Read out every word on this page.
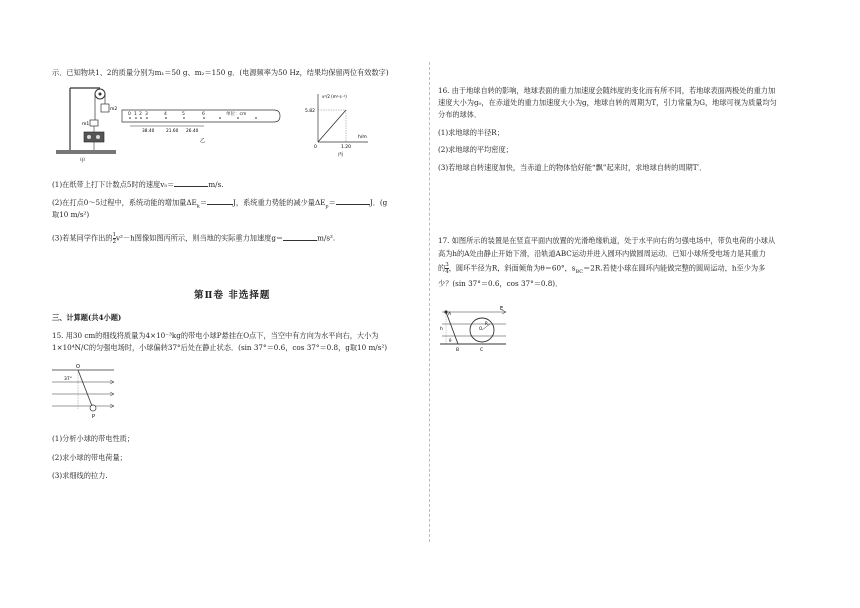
示．已知物块1、2的质量分别为m₁＝50 g、m₂＝150 g．(电源频率为50 Hz，结果均保留两位有效数字)
m2
m1
甲
0 1 2 3	4	5	6	单位：cm
38.40	21.60 26.40
乙
v²/2 (m²·s⁻²)
h/m
5.82
1.20
0
丙
(1)在纸带上打下计数点5时的速度v₅＝	m/s.
(2)在打点0～5过程中，系统动能的增加量$\Delta E_k=$	J，系统重力势能的减少量$\Delta E_p=$	J．(g
取10 m/s²)
(3)若某同学作出的 $\frac{1}{2} v^2-h$图像如图丙所示，则当地的实际重力加速度g＝	m/s².
第Ⅱ卷 非选择题
三、计算题(共4小题)
15. 用30 cm的细线将质量为4×10⁻³kg的带电小球P悬挂在O点下，当空中有方向为水平向右，大小为
1×10⁴N/C的匀强电场时，小球偏转37°后处在静止状态．(sin 37°＝0.6，cos 37°＝0.8，g取10 m/s²)
O
37°
P
(1)分析小球的带电性质；
(2)求小球的带电荷量；
(3)求细线的拉力.
16. 由于地球自转的影响，地球表面的重力加速度会随纬度的变化而有所不同，若地球表面两极处的重力加
速度大小为g₀，在赤道处的重力加速度大小为g，地球自转的周期为T，引力常量为G，地球可视为质量均匀
分布的球体．
(1)求地球的半径R；
(2)求地球的平均密度；
(3)若地球自转速度加快，当赤道上的物体恰好能“飘”起来时，求地球自转的周期T′．
17. 如图所示的装置是在竖直平面内放置的光滑绝缘轨道，处于水平向右的匀强电场中，带负电荷的小球从
高为h的A处由静止开始下滑，沿轨道ABC运动并进入圆环内做圆周运动．已知小球所受电场力是其重力
的 $\frac{3}{4}$ ，圆环半径为R，斜面倾角为θ＝60°，$s_{BC}=2R$.若使小球在圆环内能做完整的圆周运动，h至少为多
少？(sin 37°＝0.6，cos 37°＝0.8)．
E
A
h
θ
B
O
R
C
